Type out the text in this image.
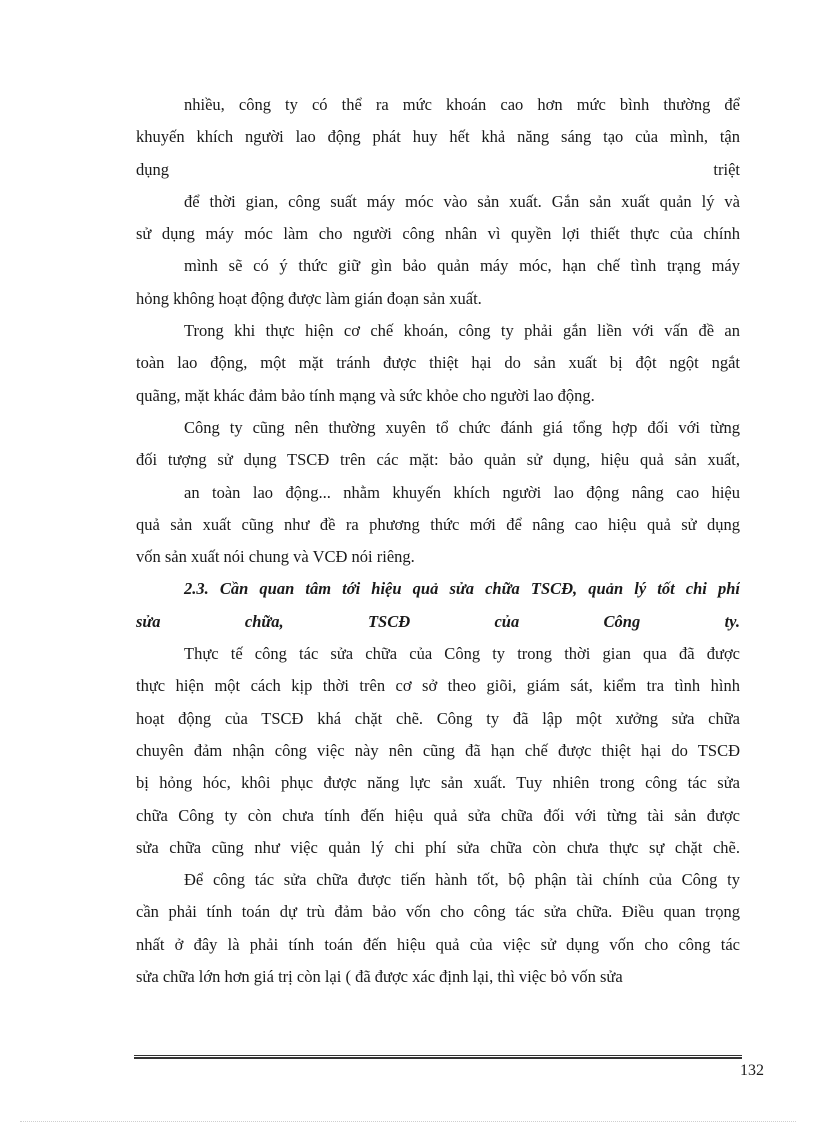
nhiều, công ty có thể ra mức khoán cao hơn mức bình thường để
khuyến khích người lao động phát huy hết khả năng sáng tạo của mình, tận
dụng triệt
để thời gian, công suất máy móc vào sản xuất. Gắn sản xuất quản lý và
sử dụng máy móc làm cho người công nhân vì quyền lợi thiết thực của chính
mình sẽ có ý thức giữ gìn bảo quản máy móc, hạn chế tình trạng máy
hỏng không hoạt động được làm gián đoạn sản xuất.
Trong khi thực hiện cơ chế khoán, công ty phải gắn liền với vấn đề an
toàn lao động, một mặt tránh được thiệt hại do sản xuất bị đột ngột ngắt
quãng, mặt khác đảm bảo tính mạng và sức khỏe cho người lao động.
Công ty cũng nên thường xuyên tổ chức đánh giá tổng hợp đối với từng
đối tượng sử dụng TSCĐ trên các mặt: bảo quản sử dụng, hiệu quả sản xuất,
an toàn lao động... nhằm khuyến khích người lao động nâng cao hiệu
quả sản xuất cũng như đề ra phương thức mới để nâng cao hiệu quả sử dụng
vốn sản xuất nói chung và VCĐ nói riêng.
2.3. Cần quan tâm tới hiệu quả sửa chữa TSCĐ, quản lý tốt chi phí
sửa chữa, TSCĐ của Công ty.
Thực tế công tác sửa chữa của Công ty trong thời gian qua đã được
thực hiện một cách kịp thời trên cơ sở theo giõi, giám sát, kiểm tra tình hình
hoạt động của TSCĐ khá chặt chẽ. Công ty đã lập một xưởng sửa chữa
chuyên đảm nhận công việc này nên cũng đã hạn chế được thiệt hại do TSCĐ
bị hỏng hóc, khôi phục được năng lực sản xuất. Tuy nhiên trong công tác sửa
chữa Công ty còn chưa tính đến hiệu quả sửa chữa đối với từng tài sản được
sửa chữa cũng như việc quản lý chi phí sửa chữa còn chưa thực sự chặt chẽ.
Để công tác sửa chữa được tiến hành tốt, bộ phận tài chính của Công ty
cần phải tính toán dự trù đảm bảo vốn cho công tác sửa chữa. Điều quan trọng
nhất ở đây là phải tính toán đến hiệu quả của việc sử dụng vốn cho công tác
sửa chữa lớn hơn giá trị còn lại ( đã được xác định lại, thì việc bỏ vốn sửa
132
